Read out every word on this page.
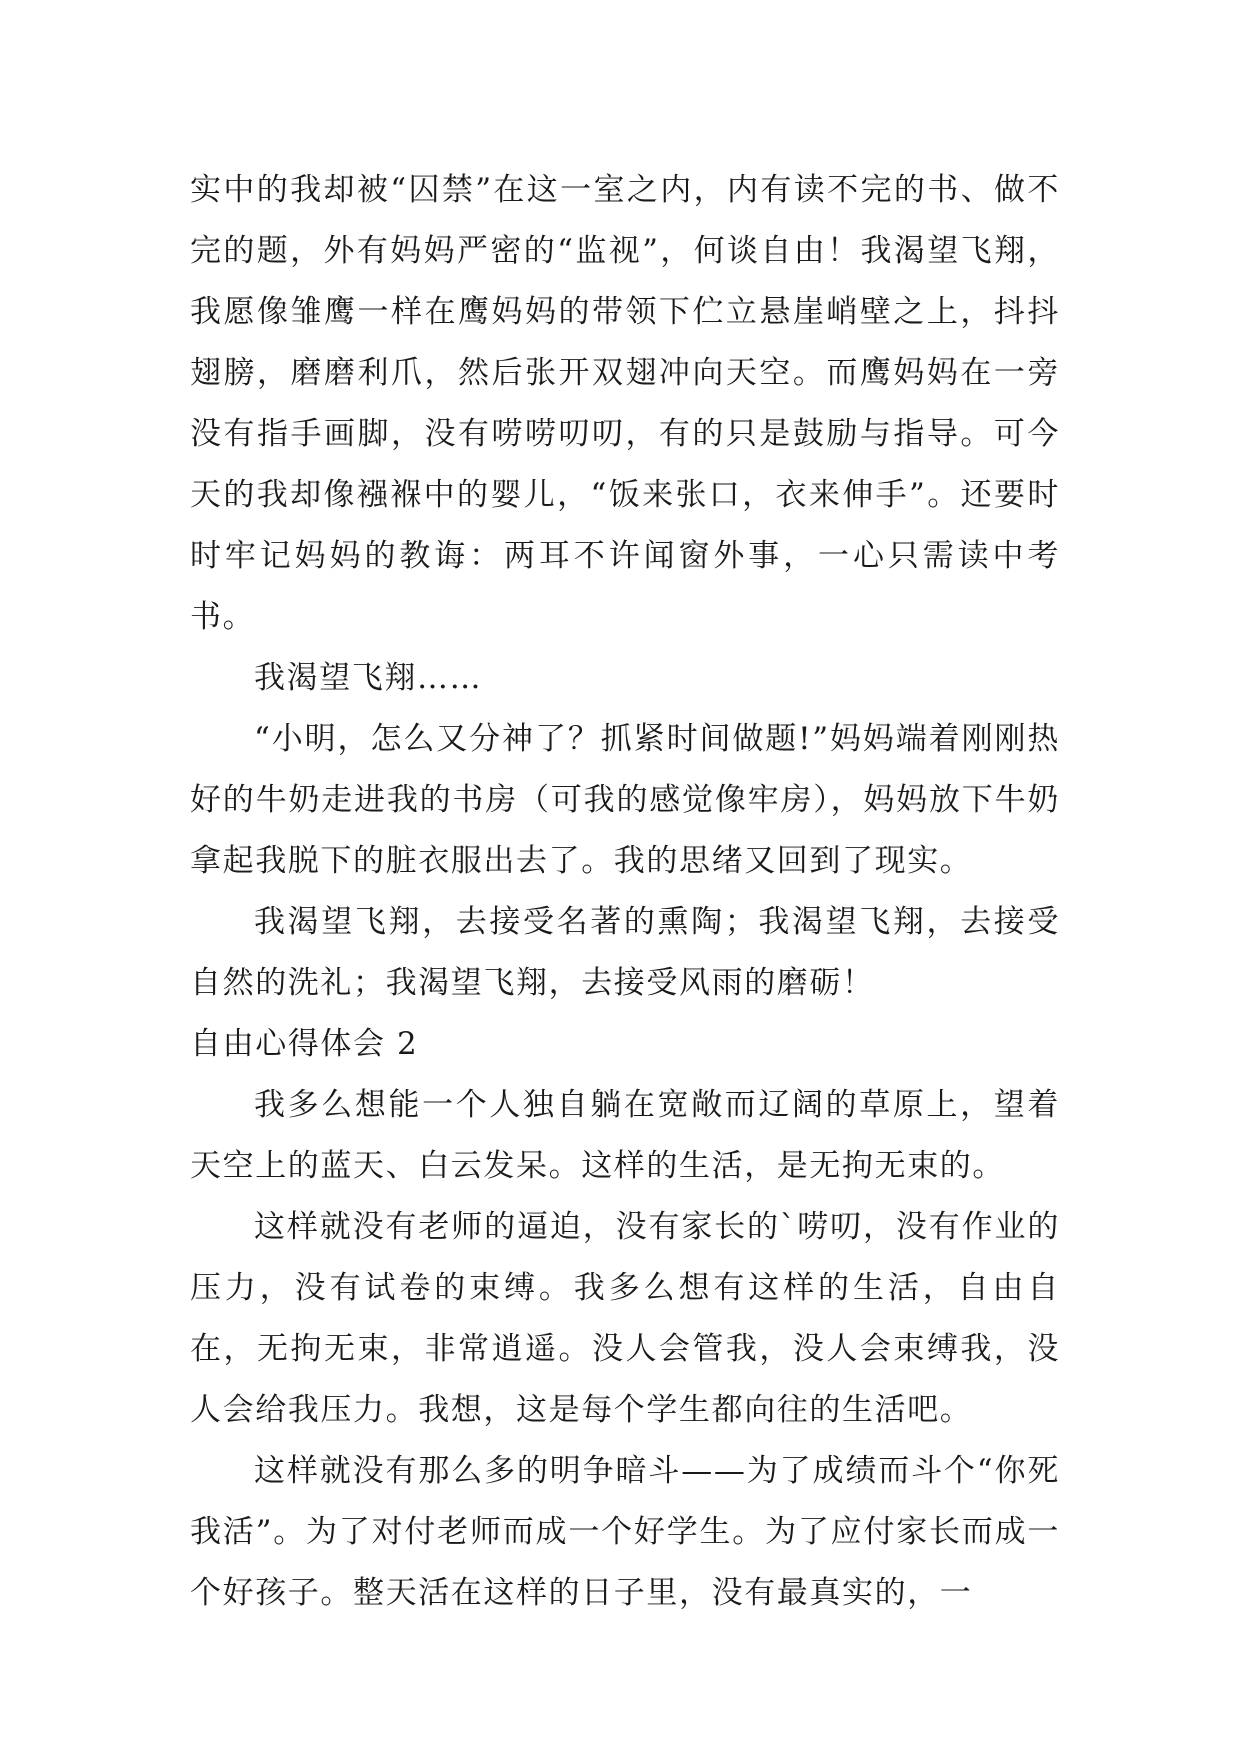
实中的我却被“囚禁”在这一室之内，内有读不完的书、做不完的题，外有妈妈严密的“监视”，何谈自由！我渴望飞翔，我愿像雏鹰一样在鹰妈妈的带领下伫立悬崖峭壁之上，抖抖翅膀，磨磨利爪，然后张开双翅冲向天空。而鹰妈妈在一旁没有指手画脚，没有唠唠叨叨，有的只是鼓励与指导。可今天的我却像襁褓中的婴儿，“饭来张口，衣来伸手”。还要时时牢记妈妈的教诲：两耳不许闻窗外事，一心只需读中考书。

我渴望飞翔……

“小明，怎么又分神了？抓紧时间做题!”妈妈端着刚刚热好的牛奶走进我的书房（可我的感觉像牢房），妈妈放下牛奶拿起我脱下的脏衣服出去了。我的思绪又回到了现实。

我渴望飞翔，去接受名著的熏陶；我渴望飞翔，去接受自然的洗礼；我渴望飞翔，去接受风雨的磨砺！

自由心得体会 2

我多么想能一个人独自躺在宽敞而辽阔的草原上，望着天空上的蓝天、白云发呆。这样的生活，是无拘无束的。

这样就没有老师的逼迫，没有家长的`唠叨，没有作业的压力，没有试卷的束缚。我多么想有这样的生活，自由自在，无拘无束，非常逍遥。没人会管我，没人会束缚我，没人会给我压力。我想，这是每个学生都向往的生活吧。

这样就没有那么多的明争暗斗——为了成绩而斗个“你死我活”。为了对付老师而成一个好学生。为了应付家长而成一个好孩子。整天活在这样的日子里，没有最真实的，一
